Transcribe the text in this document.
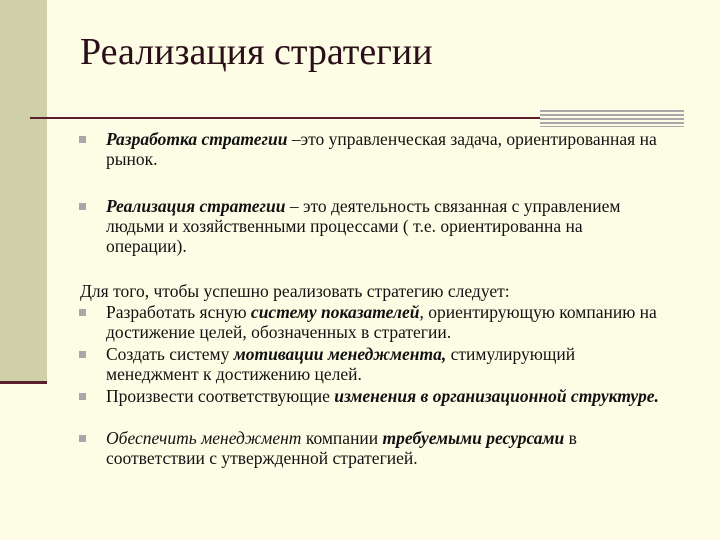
Реализация стратегии
Разработка стратегии –это управленческая задача, ориентированная на рынок.
Реализация стратегии – это деятельность связанная с управлением людьми и хозяйственными процессами ( т.е. ориентированна на операции).
Для того, чтобы успешно реализовать стратегию следует:
Разработать ясную систему показателей, ориентирующую компанию на достижение целей, обозначенных в стратегии.
Создать систему мотивации менеджмента, стимулирующий менеджмент к достижению целей.
Произвести соответствующие изменения в организационной структуре.
Обеспечить менеджмент компании требуемыми ресурсами в соответствии с утвержденной стратегией.
